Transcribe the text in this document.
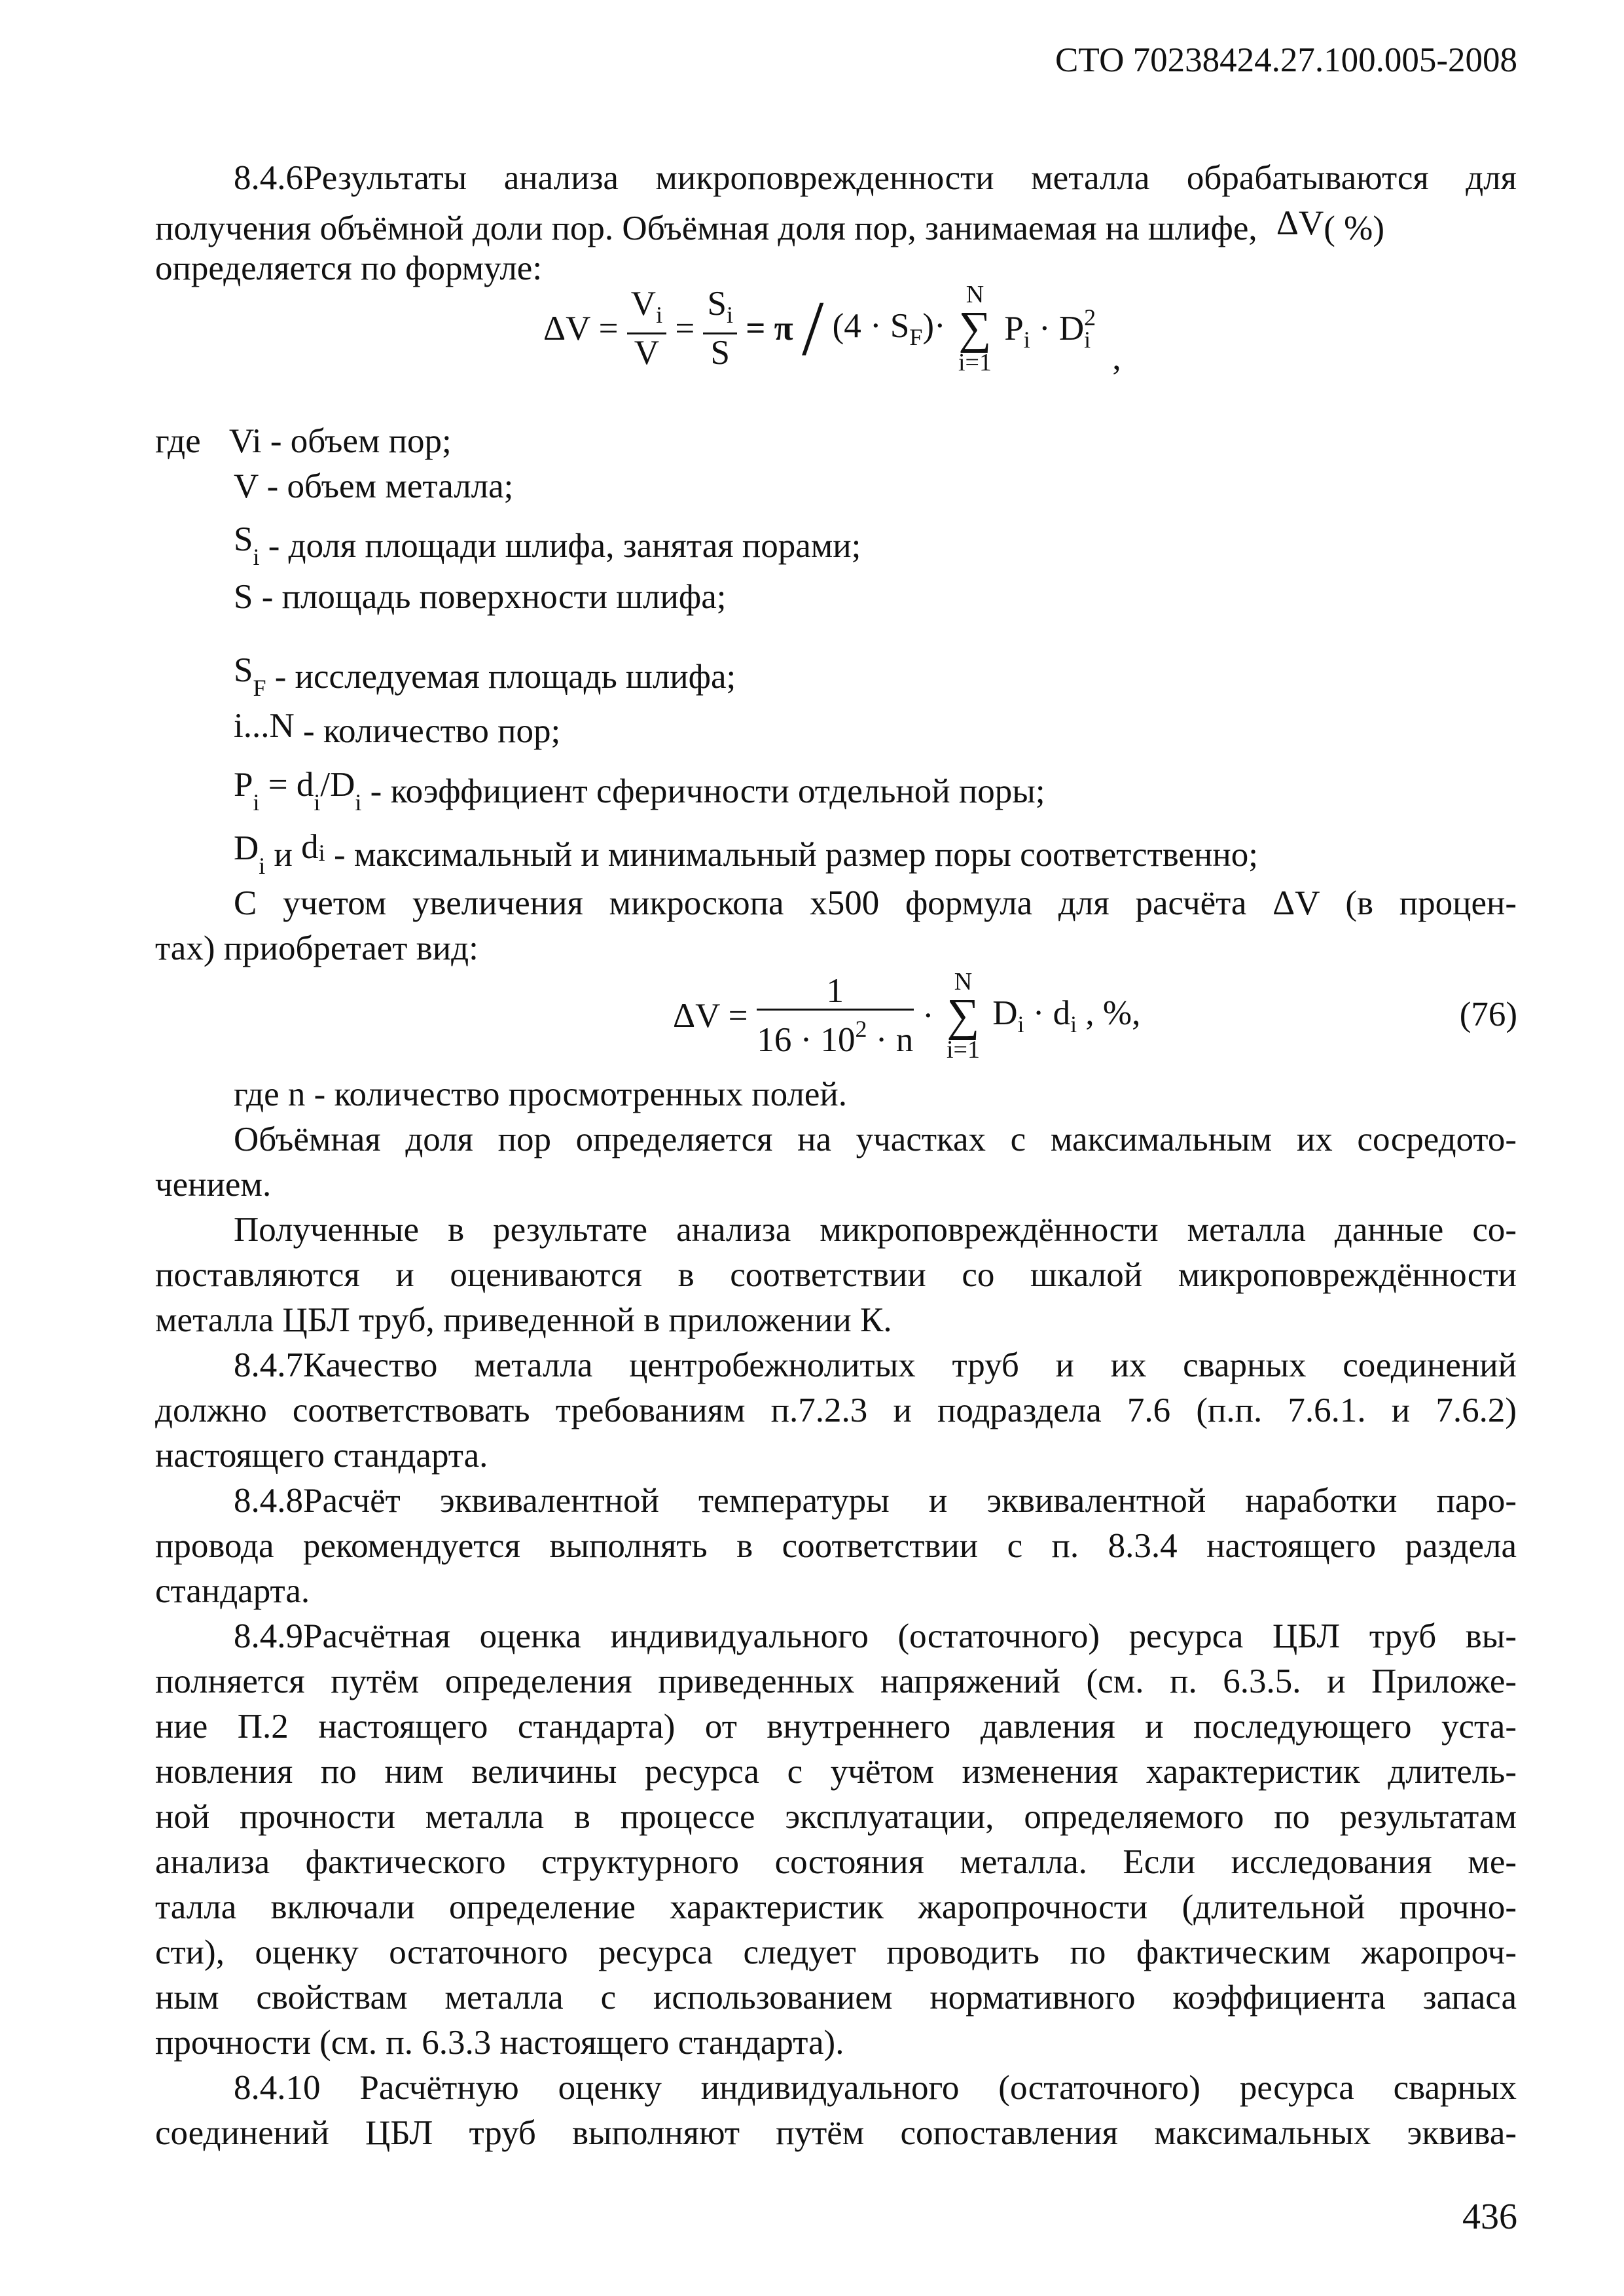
СТО 70238424.27.100.005-2008
8.4.6Результаты анализа микроповрежденности металла обрабатываются для
получения объёмной доли пор. Объёмная доля пор, занимаемая на шлифе, ΔV( %)
определяется по формуле:
$\Delta V = \frac{V_i}{V} = \frac{S_i}{S} = \pi / (4 \cdot S_F)\cdot$
N
∑
i=1
$P_i \cdot D^2_i$ ,
где Vi - объем пор;
V - объем металла;
$S_i$ - доля площади шлифа, занятая порами;
S - площадь поверхности шлифа;
$S_F$ - исследуемая площадь шлифа;
i...N - количество пор;
$P_i = d_i/D_i$ - коэффициент сферичности отдельной поры;
$D_i$ и $d^i$ - максимальный и минимальный размер поры соответственно;
С учетом увеличения микроскопа х500 формула для расчёта ΔV (в процен-
тах) приобретает вид:
$\Delta V = \frac{1}{16 \cdot 10^2 \cdot n}$ ·
N
∑
i=1
$D_i \cdot d_i$ , %,	(76)
где n - количество просмотренных полей.
Объёмная доля пор определяется на участках с максимальным их сосредото-
чением.
Полученные в результате анализа микроповреждённости металла данные со-
поставляются и оцениваются в соответствии со шкалой микроповреждённости
металла ЦБЛ труб, приведенной в приложении К.
8.4.7Качество металла центробежнолитых труб и их сварных соединений
должно соответствовать требованиям п.7.2.3 и подраздела 7.6 (п.п. 7.6.1. и 7.6.2)
настоящего стандарта.
8.4.8Расчёт эквивалентной температуры и эквивалентной наработки паро-
провода рекомендуется выполнять в соответствии с п. 8.3.4 настоящего раздела
стандарта.
8.4.9Расчётная оценка индивидуального (остаточного) ресурса ЦБЛ труб вы-
полняется путём определения приведенных напряжений (см. п. 6.3.5. и Приложе-
ние П.2 настоящего стандарта) от внутреннего давления и последующего уста-
новления по ним величины ресурса с учётом изменения характеристик длитель-
ной прочности металла в процессе эксплуатации, определяемого по результатам
анализа фактического структурного состояния металла. Если исследования ме-
талла включали определение характеристик жаропрочности (длительной прочно-
сти), оценку остаточного ресурса следует проводить по фактическим жаропроч-
ным свойствам металла с использованием нормативного коэффициента запаса
прочности (см. п. 6.3.3 настоящего стандарта).
8.4.10 Расчётную оценку индивидуального (остаточного) ресурса сварных
соединений ЦБЛ труб выполняют путём сопоставления максимальных эквива-
436
